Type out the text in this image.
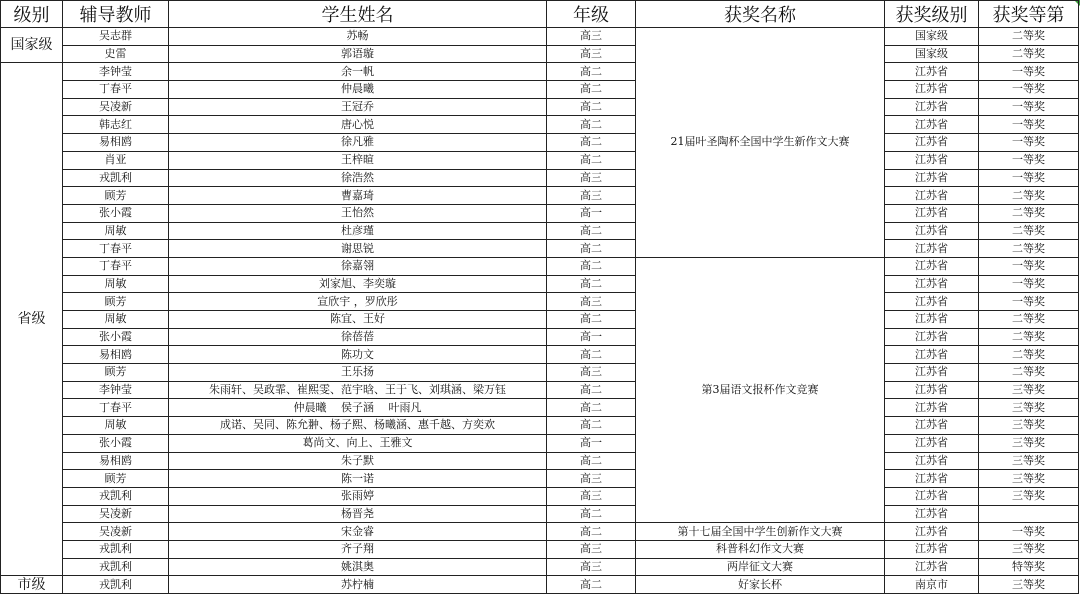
级别	辅导教师	学生姓名	年级	获奖名称	获奖级别	获奖等第
国家级	吴志群	苏畅	高三	21届叶圣陶杯全国中学生新作文大赛	国家级	二等奖
	史雷	郭语璇	高三		国家级	二等奖
省级	李钟莹	余一帆	高二		江苏省	一等奖
	丁春平	仲晨曦	高二		江苏省	一等奖
	吴凌新	王冠乔	高二		江苏省	一等奖
	韩志红	唐心悦	高二		江苏省	一等奖
	易相鸥	徐凡雅	高二		江苏省	一等奖
	肖亚	王梓暄	高二		江苏省	一等奖
	戎凯利	徐浩然	高三		江苏省	一等奖
	顾芳	曹嘉琦	高三		江苏省	二等奖
	张小霞	王怡然	高一		江苏省	二等奖
	周敏	杜彦瑾	高二		江苏省	二等奖
	丁春平	谢思锐	高二		江苏省	二等奖
	丁春平	徐嘉翎	高二	第3届语文报杯作文竞赛	江苏省	一等奖
	周敏	刘家旭、李奕璇	高二		江苏省	一等奖
	顾芳	宣欣宇 ，罗欣彤	高三		江苏省	一等奖
	周敏	陈宜、王好	高二		江苏省	二等奖
	张小霞	徐蓓蓓	高一		江苏省	二等奖
	易相鸥	陈功文	高二		江苏省	二等奖
	顾芳	王乐扬	高三		江苏省	二等奖
	李钟莹	朱雨轩、吴政霏、崔熙雯、范宇晗、王于飞、刘琪涵、梁万钰	高二		江苏省	三等奖
	丁春平	仲晨曦　 侯子涵　 叶雨凡	高二		江苏省	三等奖
	周敏	成诺、吴同、陈允翀、杨子熙、杨曦涵、惠千越、方奕欢	高二		江苏省	三等奖
	张小霞	葛尚文、向上、王雅文	高一		江苏省	三等奖
	易相鸥	朱子默	高二		江苏省	三等奖
	顾芳	陈一诺	高三		江苏省	三等奖
	戎凯利	张雨婷	高三		江苏省	三等奖
	吴凌新	杨晋尧	高二		江苏省	
	吴凌新	宋金睿	高二	第十七届全国中学生创新作文大赛	江苏省	一等奖
	戎凯利	齐子翔	高三	科普科幻作文大赛	江苏省	三等奖
	戎凯利	姚淇奥	高三	两岸征文大赛	江苏省	特等奖
市级	戎凯利	苏柠楠	高二	好家长杯	南京市	三等奖
